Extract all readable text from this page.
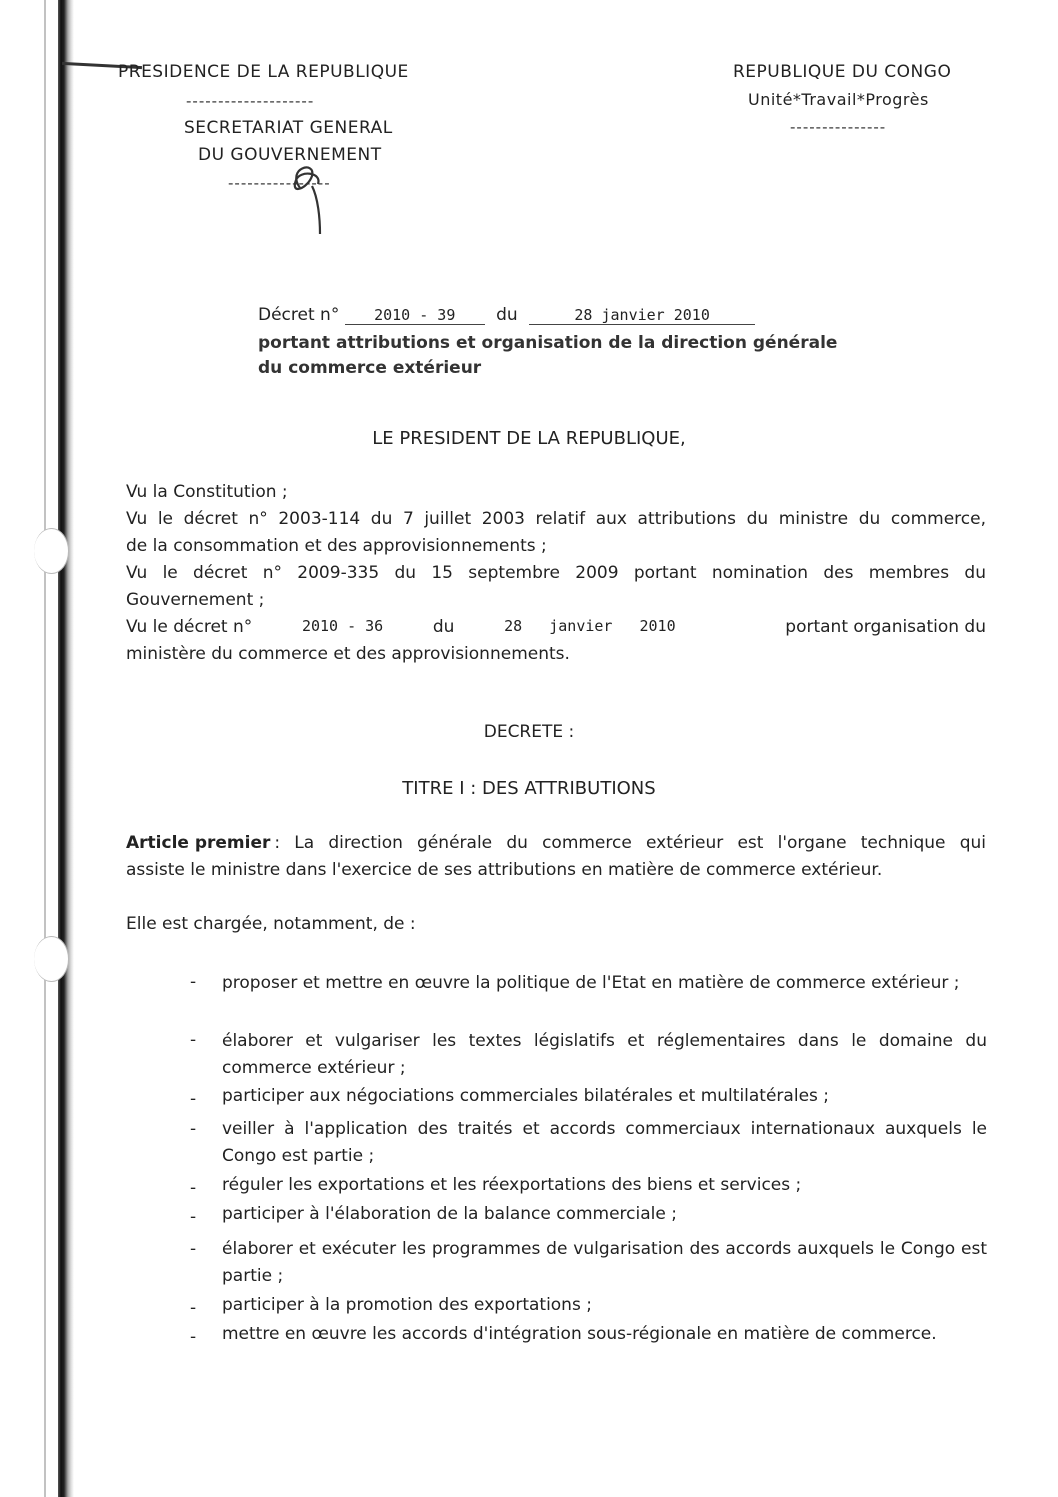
PRESIDENCE DE LA REPUBLIQUE
--------------------
SECRETARIAT GENERAL
DU GOUVERNEMENT
----------------
REPUBLIQUE DU CONGO
Unité*Travail*Progrès
---------------
Décret n° 2010 - 39 du	28 janvier 2010
portant attributions et organisation de la direction générale
du commerce extérieur
LE PRESIDENT DE LA REPUBLIQUE,
Vu la Constitution ;
Vu le décret n° 2003-114 du 7 juillet 2003 relatif aux attributions du ministre du commerce,
de la consommation et des approvisionnements ;
Vu le décret n° 2009-335 du 15 septembre 2009 portant nomination des membres du
Gouvernement ;
Vu le décret n°	2010 - 36	du	28 janvier 2010	portant organisation du
ministère du commerce et des approvisionnements.
DECRETE :
TITRE I : DES ATTRIBUTIONS
Article premier : La direction générale du commerce extérieur est l'organe technique qui
assiste le ministre dans l'exercice de ses attributions en matière de commerce extérieur.
Elle est chargée, notamment, de :
- proposer et mettre en œuvre la politique de l'Etat en matière de commerce extérieur ;
- élaborer et vulgariser les textes législatifs et réglementaires dans le domaine du commerce extérieur ;
- participer aux négociations commerciales bilatérales et multilatérales ;
- veiller à l'application des traités et accords commerciaux internationaux auxquels le Congo est partie ;
- réguler les exportations et les réexportations des biens et services ;
- participer à l'élaboration de la balance commerciale ;
- élaborer et exécuter les programmes de vulgarisation des accords auxquels le Congo est partie ;
- participer à la promotion des exportations ;
- mettre en œuvre les accords d'intégration sous-régionale en matière de commerce.
